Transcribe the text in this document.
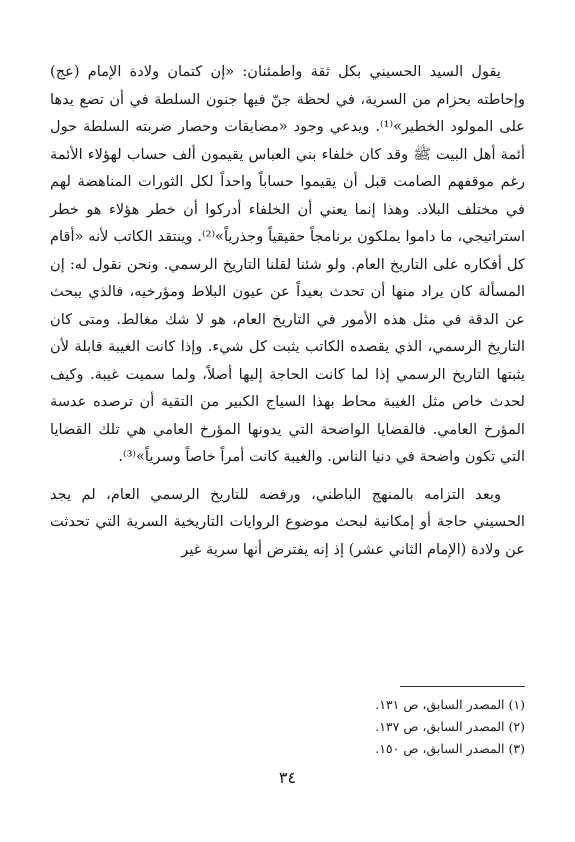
يقول السيد الحسيني بكل ثقة واطمئنان: «إن كتمان ولادة الإمام (عج) وإحاطته بحزام من السرية، في لحظة جنّ فيها جنون السلطة في أن تضع يدها على المولود الخطير»⁽¹⁾. ويدعي وجود «مضايقات وحصار ضربته السلطة حول أئمة أهل البيت ﷺ وقد كان خلفاء بني العباس يقيمون ألف حساب لهؤلاء الأئمة رغم موقفهم الصامت قبل أن يقيموا حساباً واحداً لكل الثورات المناهضة لهم في مختلف البلاد. وهذا إنما يعني أن الخلفاء أدركوا أن خطر هؤلاء هو خطر استراتيجي، ما داموا يملكون برنامجاً حقيقياً وجذرياً»⁽²⁾. وينتقد الكاتب لأنه «أقام كل أفكاره على التاريخ العام. ولو شئنا لقلنا التاريخ الرسمي. ونحن نقول له: إن المسألة كان يراد منها أن تحدث بعيداً عن عيون البلاط ومؤرخيه، فالذي يبحث عن الدقة في مثل هذه الأمور في التاريخ العام، هو لا شك مغالط. ومتى كان التاريخ الرسمي، الذي يقصده الكاتب يثبت كل شيء. وإذا كانت الغيبة قابلة لأن يثبتها التاريخ الرسمي إذا لما كانت الحاجة إليها أصلاً، ولما سميت غيبة. وكيف لحدث خاص مثل الغيبة محاط بهذا السياج الكبير من التقية أن ترصده عدسة المؤرخ العامي. فالقضايا الواضحة التي يدونها المؤرخ العامي هي تلك القضايا التي تكون واضحة في دنيا الناس. والغيبة كانت أمراً خاصاً وسرياً»⁽³⁾.

وبعد التزامه بالمنهج الباطني، ورفضه للتاريخ الرسمي العام، لم يجد الحسيني حاجة أو إمكانية لبحث موضوع الروايات التاريخية السرية التي تحدثت عن ولادة (الإمام الثاني عشر) إذ إنه يفترض أنها سرية غير

(١) المصدر السابق، ص ١٣١.

(٢) المصدر السابق، ص ١٣٧.

(٣) المصدر السابق، ص ١٥٠.

٣٤
